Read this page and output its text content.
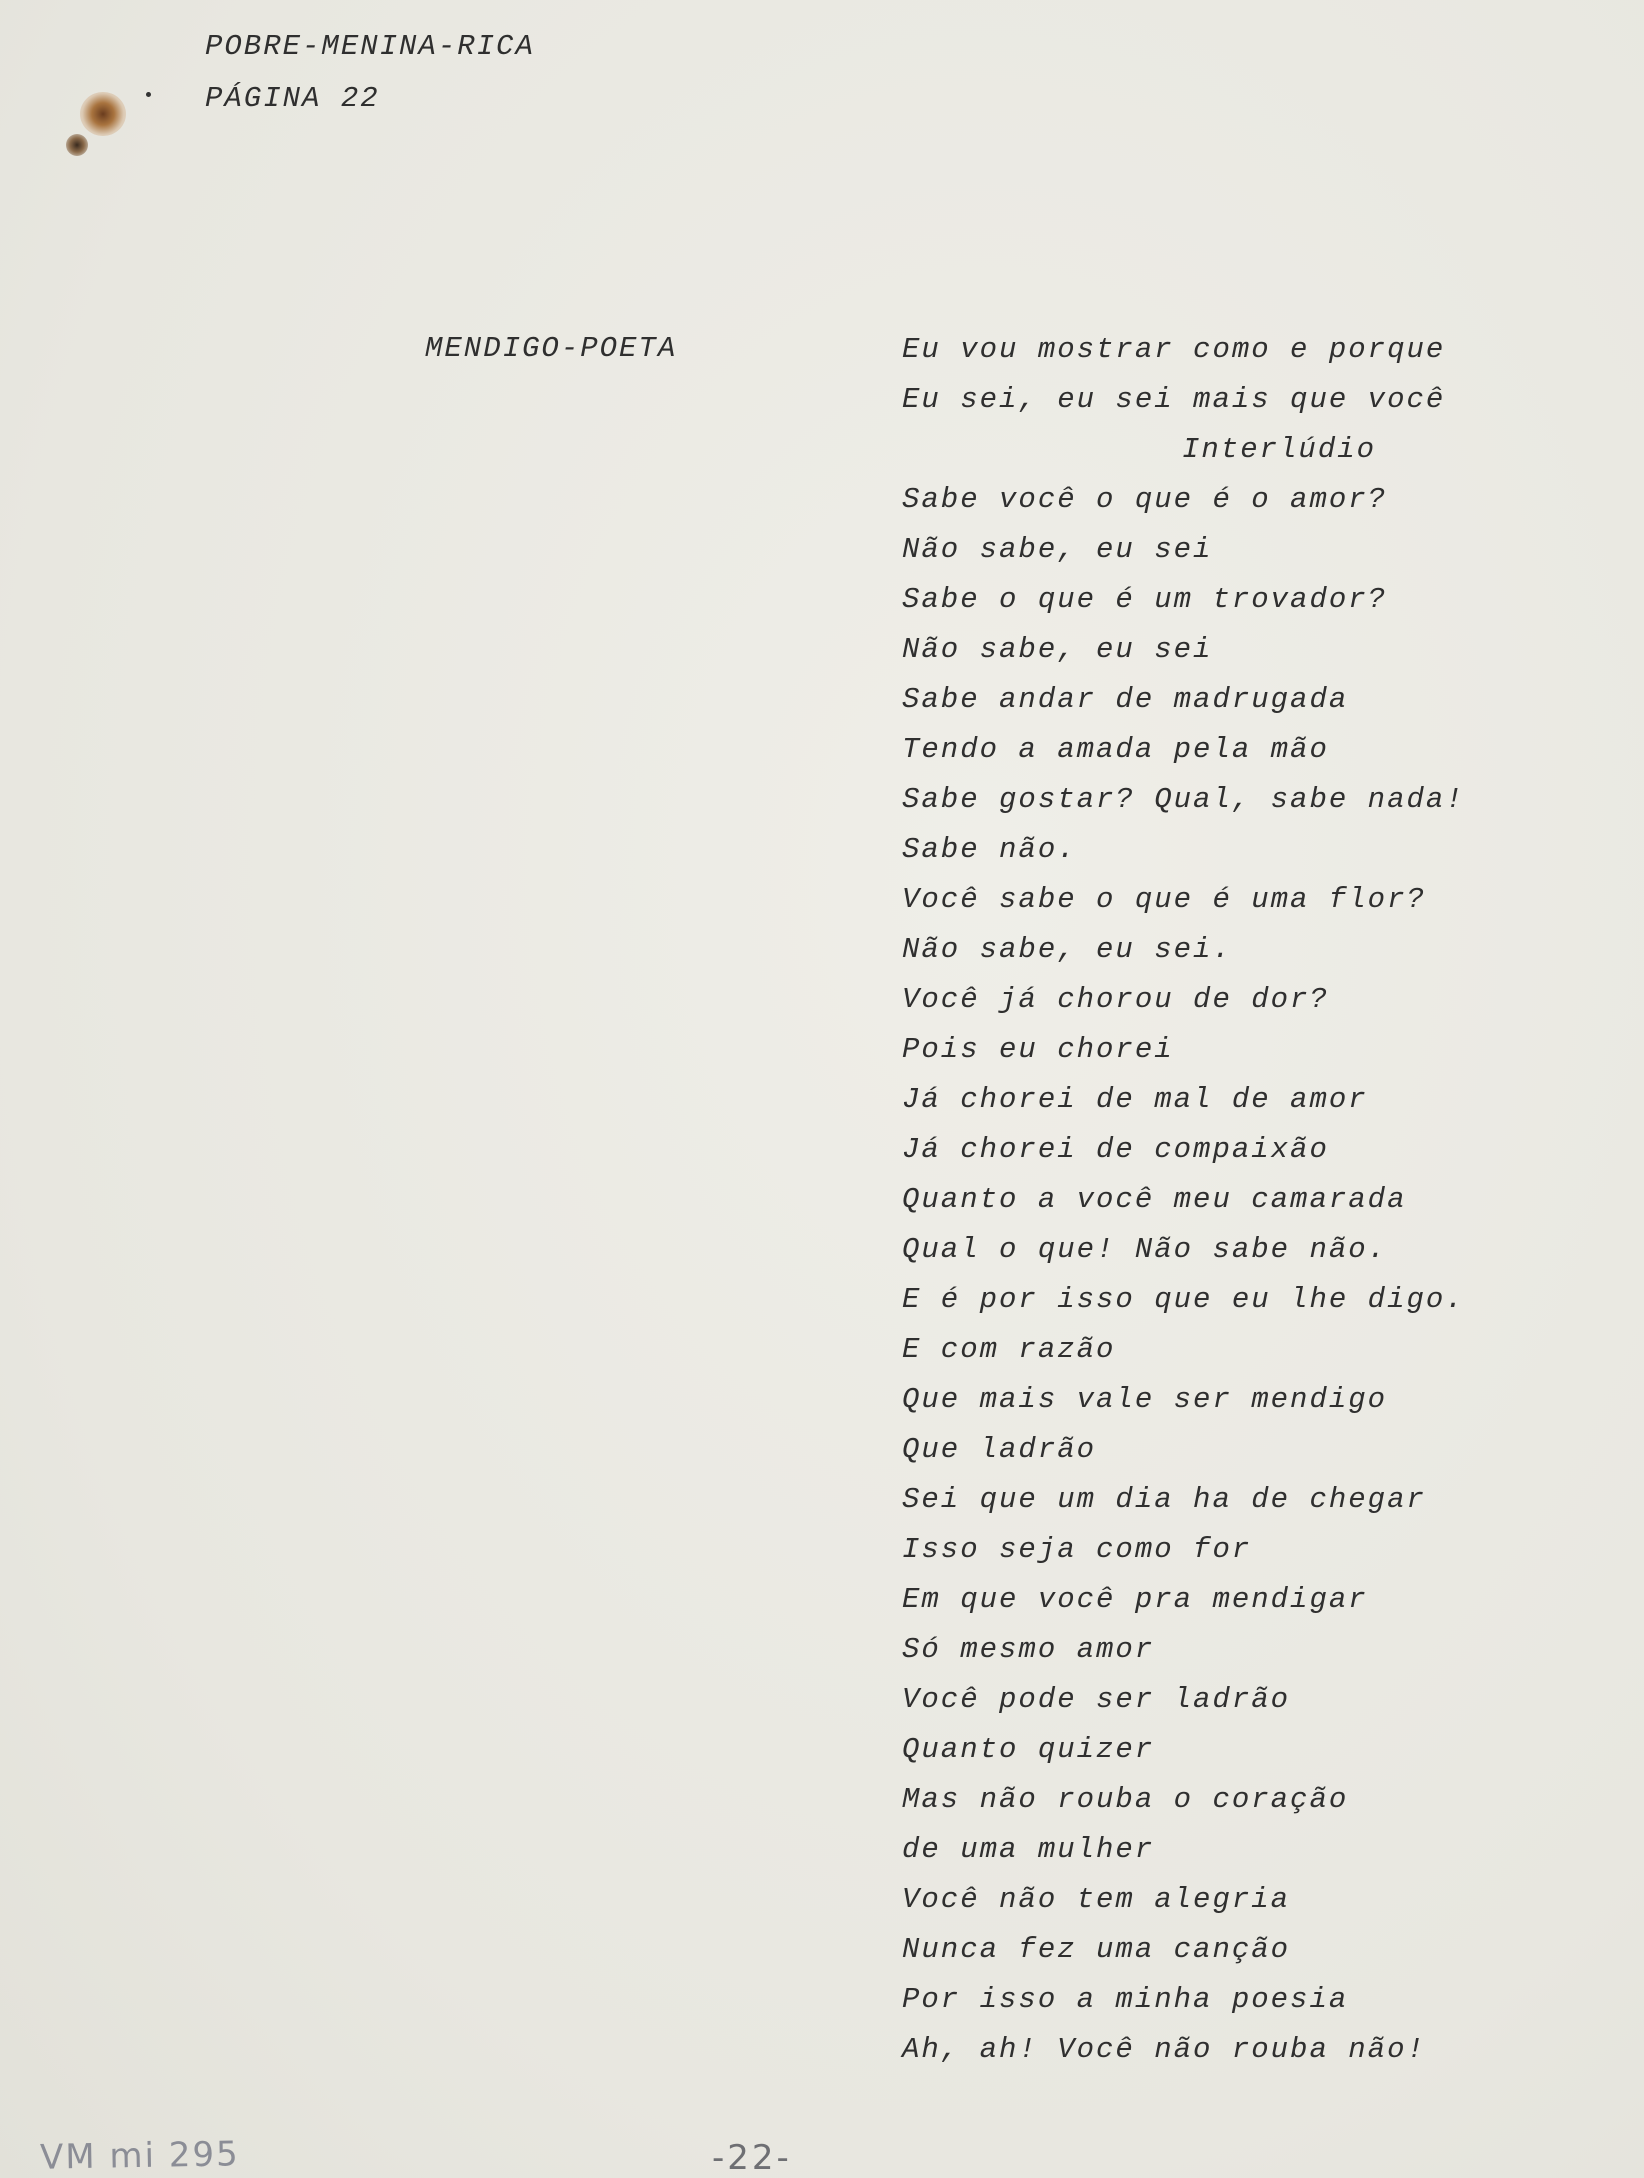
POBRE-MENINA-RICA
PÁGINA 22
MENDIGO-POETA	Eu vou mostrar como e porque
Eu sei, eu sei mais que você
Interlúdio
Sabe você o que é o amor?
Não sabe, eu sei
Sabe o que é um trovador?
Não sabe, eu sei
Sabe andar de madrugada
Tendo a amada pela mão
Sabe gostar? Qual, sabe nada!
Sabe não.
Você sabe o que é uma flor?
Não sabe, eu sei.
Você já chorou de dor?
Pois eu chorei
Já chorei de mal de amor
Já chorei de compaixão
Quanto a você meu camarada
Qual o que! Não sabe não.
E é por isso que eu lhe digo.
E com razão
Que mais vale ser mendigo
Que ladrão
Sei que um dia ha de chegar
Isso seja como for
Em que você pra mendigar
Só mesmo amor
Você pode ser ladrão
Quanto quizer
Mas não rouba o coração
de uma mulher
Você não tem alegria
Nunca fez uma canção
Por isso a minha poesia
Ah, ah! Você não rouba não!
VM mi 295	-22-
